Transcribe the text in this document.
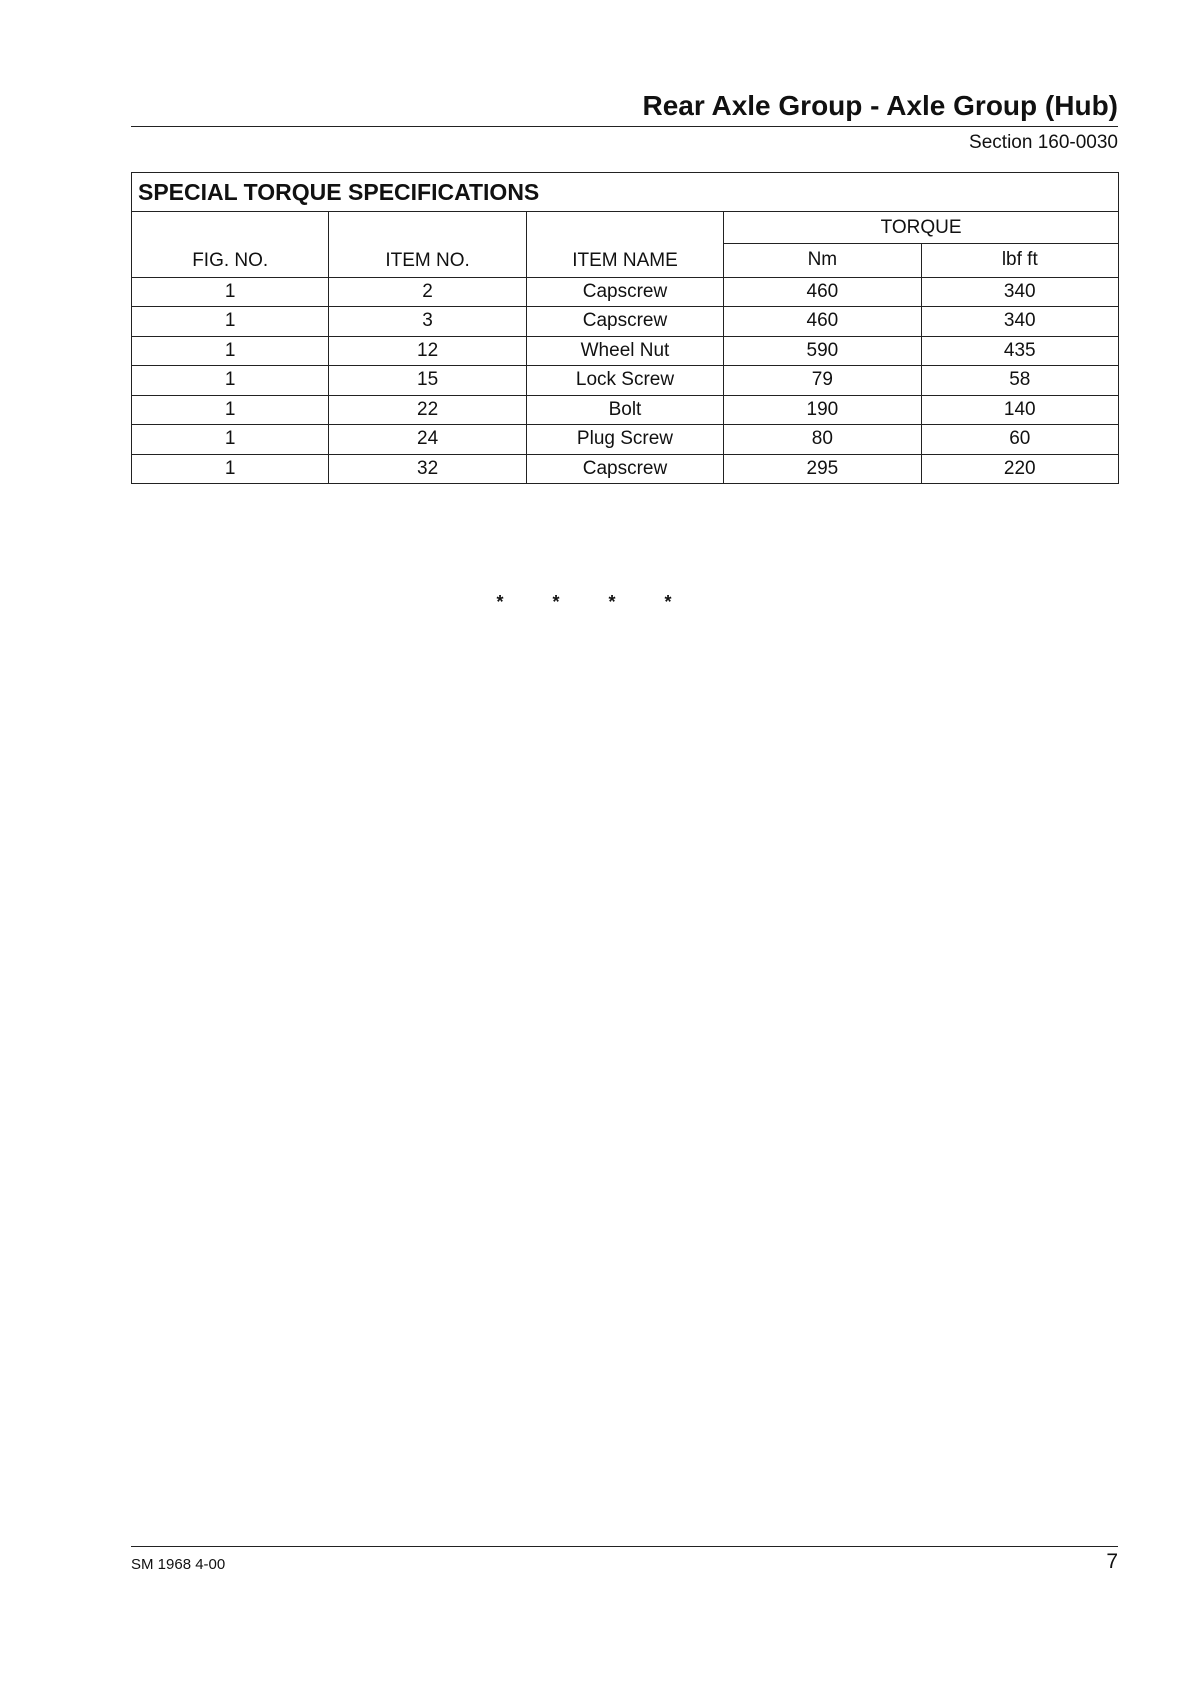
Rear Axle Group - Axle Group (Hub)
Section 160-0030
SPECIAL TORQUE SPECIFICATIONS				
			TORQUE	
FIG. NO.	ITEM NO.	ITEM NAME	Nm	lbf ft
1	2	Capscrew	460	340
1	3	Capscrew	460	340
1	12	Wheel Nut	590	435
1	15	Lock Screw	79	58
1	22	Bolt	190	140
1	24	Plug Screw	80	60
1	32	Capscrew	295	220
* * * *
SM 1968 4-00	7
